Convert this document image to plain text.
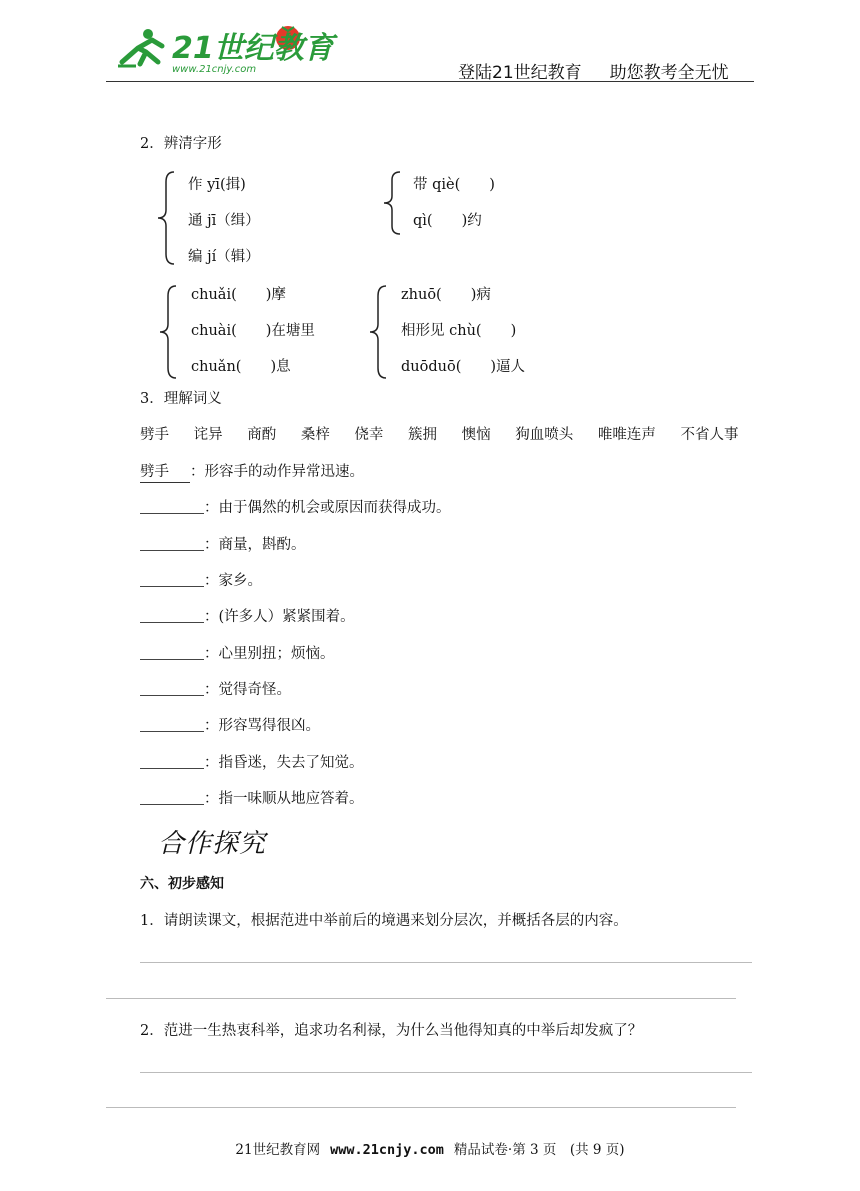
21世纪教育
www.21cnjy.com	登陆21世纪教育 助您教考全无忧
2．辨清字形
作 yī(揖)
通 jī（缉）
编 jí（辑）
带 qiè(　　)
qì(　　)约
chuǎi(　　)摩
chuài(　　)在塘里
chuǎn(　　)息
zhuō(　　)病
相形见 chù(　　)
duōduō(　　)逼人
3．理解词义
劈手 诧异 商酌 桑梓 侥幸 簇拥 懊恼 狗血喷头 唯唯连声 不省人事
劈手 ：形容手的动作异常迅速。
：由于偶然的机会或原因而获得成功。
：商量，斟酌。
：家乡。
：(许多人）紧紧围着。
：心里别扭；烦恼。
：觉得奇怪。
：形容骂得很凶。
：指昏迷，失去了知觉。
：指一味顺从地应答着。
合作探究
六、初步感知
1．请朗读课文，根据范进中举前后的境遇来划分层次，并概括各层的内容。
2．范进一生热衷科举，追求功名利禄，为什么当他得知真的中举后却发疯了？
21世纪教育网 www.21cnjy.com 精品试卷·第 3 页　(共 9 页)
